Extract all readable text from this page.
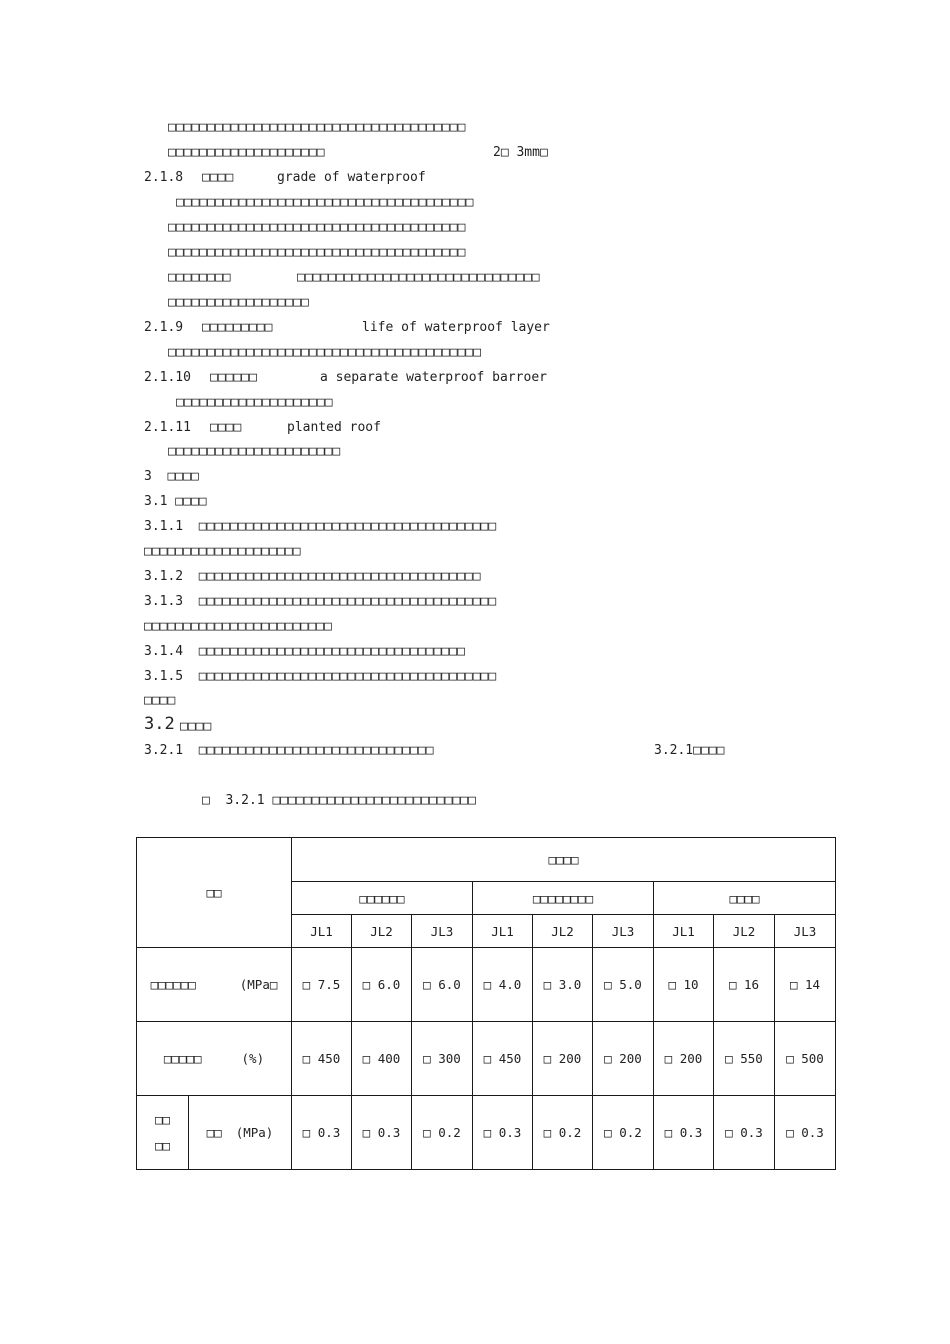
□□□□□□□□□□□□□□□□□□□□□□□□□□□□□□□□□□□□□□
□□□□□□□□□□□□□□□□□□□□	2□ 3mm□
2.1.8 □□□□	grade of waterproof
□□□□□□□□□□□□□□□□□□□□□□□□□□□□□□□□□□□□□□
□□□□□□□□□□□□□□□□□□□□□□□□□□□□□□□□□□□□□□
□□□□□□□□□□□□□□□□□□□□□□□□□□□□□□□□□□□□□□
□□□□□□□□	□□□□□□□□□□□□□□□□□□□□□□□□□□□□□□□
□□□□□□□□□□□□□□□□□□
2.1.9 □□□□□□□□□	life of waterproof layer
□□□□□□□□□□□□□□□□□□□□□□□□□□□□□□□□□□□□□□□□
2.1.10 □□□□□□	a separate waterproof barroer
□□□□□□□□□□□□□□□□□□□□
2.1.11 □□□□	planted roof
□□□□□□□□□□□□□□□□□□□□□□
3  □□□□
3.1 □□□□
3.1.1  □□□□□□□□□□□□□□□□□□□□□□□□□□□□□□□□□□□□□□
□□□□□□□□□□□□□□□□□□□□
3.1.2  □□□□□□□□□□□□□□□□□□□□□□□□□□□□□□□□□□□□
3.1.3  □□□□□□□□□□□□□□□□□□□□□□□□□□□□□□□□□□□□□□
□□□□□□□□□□□□□□□□□□□□□□□□
3.1.4  □□□□□□□□□□□□□□□□□□□□□□□□□□□□□□□□□□
3.1.5  □□□□□□□□□□□□□□□□□□□□□□□□□□□□□□□□□□□□□□
□□□□
3.2 □□□□
3.2.1  □□□□□□□□□□□□□□□□□□□□□□□□□□□□□□	3.2.1□□□□
□  3.2.1 □□□□□□□□□□□□□□□□□□□□□□□□□□
□□		□□□□								
		□□□□□□			□□□□□□□□			□□□□		
		JL1	JL2	JL3	JL1	JL2	JL3	JL1	JL2	JL3
□□□□□□ (MPa□		□ 7.5	□ 6.0	□ 6.0	□ 4.0	□ 3.0	□ 5.0	□ 10	□ 16	□ 14
□□□□□ (%)		□ 450	□ 400	□ 300	□ 450	□ 200	□ 200	□ 200	□ 550	□ 500

□□
□□	□□ (MPa)	□ 0.3	□ 0.3	□ 0.2	□ 0.3	□ 0.2	□ 0.2	□ 0.3	□ 0.3	□ 0.3
